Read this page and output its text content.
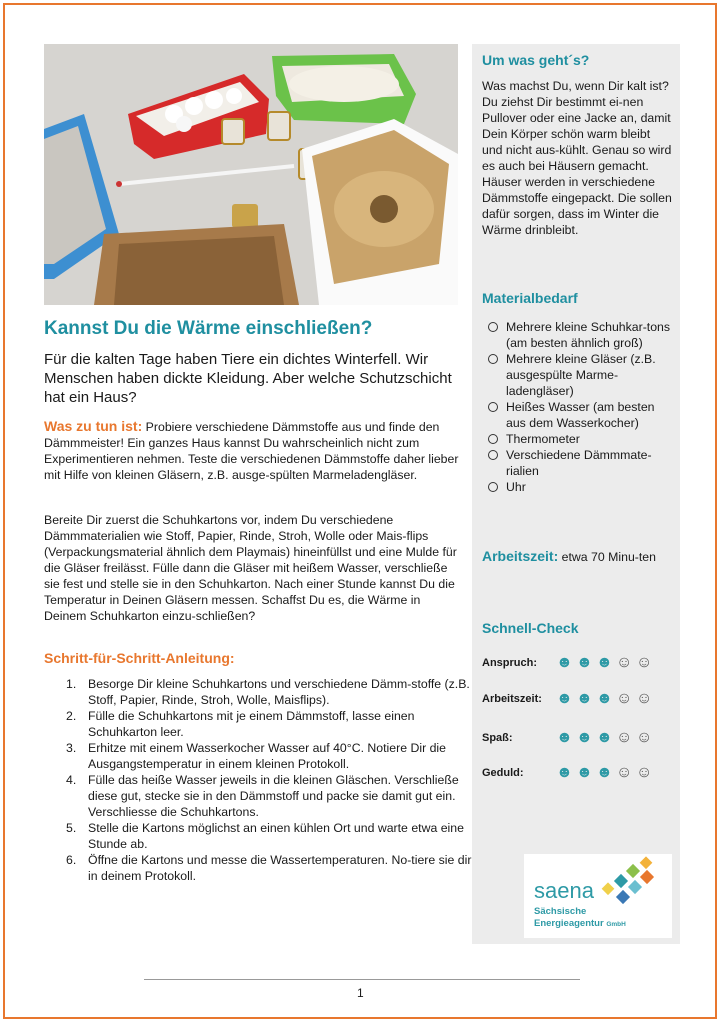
Kannst Du die Wärme einschließen?

Für die kalten Tage haben Tiere ein dichtes Winterfell. Wir Menschen haben dickte Kleidung. Aber welche Schutzschicht hat ein Haus?

Was zu tun ist: Probiere verschiedene Dämmstoffe aus und finde den Dämmmeister! Ein ganzes Haus kannst Du wahrscheinlich nicht zum Experimentieren nehmen. Teste die verschiedenen Dämmstoffe daher lieber mit Hilfe von kleinen Gläsern, z.B. ausge-spülten Marmeladengläser.

Bereite Dir zuerst die Schuhkartons vor, indem Du verschiedene Dämmmaterialien wie Stoff, Papier, Rinde, Stroh, Wolle oder Mais-flips (Verpackungsmaterial ähnlich dem Playmais) hineinfüllst und eine Mulde für die Gläser freilässt. Fülle dann die Gläser mit heißem Wasser, verschließe sie fest und stelle sie in den Schuhkarton. Nach einer Stunde kannst Du die Temperatur in Deinen Gläsern messen. Schaffst Du es, die Wärme in Deinem Schuhkarton einzu-schließen?

Schritt-für-Schritt-Anleitung:
Besorge Dir kleine Schuhkartons und verschiedene Dämm-stoffe (z.B. Stoff, Papier, Rinde, Stroh, Wolle, Maisflips).
Fülle die Schuhkartons mit je einem Dämmstoff, lasse einen Schuhkarton leer.
Erhitze mit einem Wasserkocher Wasser auf 40°C. Notiere Dir die Ausgangstemperatur in einem kleinen Protokoll.
Fülle das heiße Wasser jeweils in die kleinen Gläschen. Verschließe diese gut, stecke sie in den Dämmstoff und packe sie damit gut ein. Verschliesse die Schuhkartons.
Stelle die Kartons möglichst an einen kühlen Ort und warte etwa eine Stunde ab.
Öffne die Kartons und messe die Wassertemperaturen. No-tiere sie dir in deinem Protokoll.
Um was geht´s?

Was machst Du, wenn Dir kalt ist? Du ziehst Dir bestimmt ei-nen Pullover oder eine Jacke an, damit Dein Körper schön warm bleibt und nicht aus-kühlt. Genau so wird es auch bei Häusern gemacht. Häuser werden in verschiedene Dämmstoffe eingepackt. Die sollen dafür sorgen, dass im Winter die Wärme drinbleibt.

Materialbedarf
Mehrere kleine Schuhkar-tons (am besten ähnlich groß)
Mehrere kleine Gläser (z.B. ausgespülte Marme-ladengläser)
Heißes Wasser (am besten aus dem Wasserkocher)
Thermometer
Verschiedene Dämmmate-rialien
Uhr

Arbeitszeit: etwa 70 Minu-ten

Schnell-Check
Anspruch: ☻ ☻ ☻ ☺ ☺
Arbeitszeit: ☻ ☻ ☻ ☺ ☺
Spaß:	☻ ☻ ☻ ☺ ☺
Geduld: ☻ ☻ ☻ ☺ ☺
saena
Sächsische
Energieagentur GmbH
1
